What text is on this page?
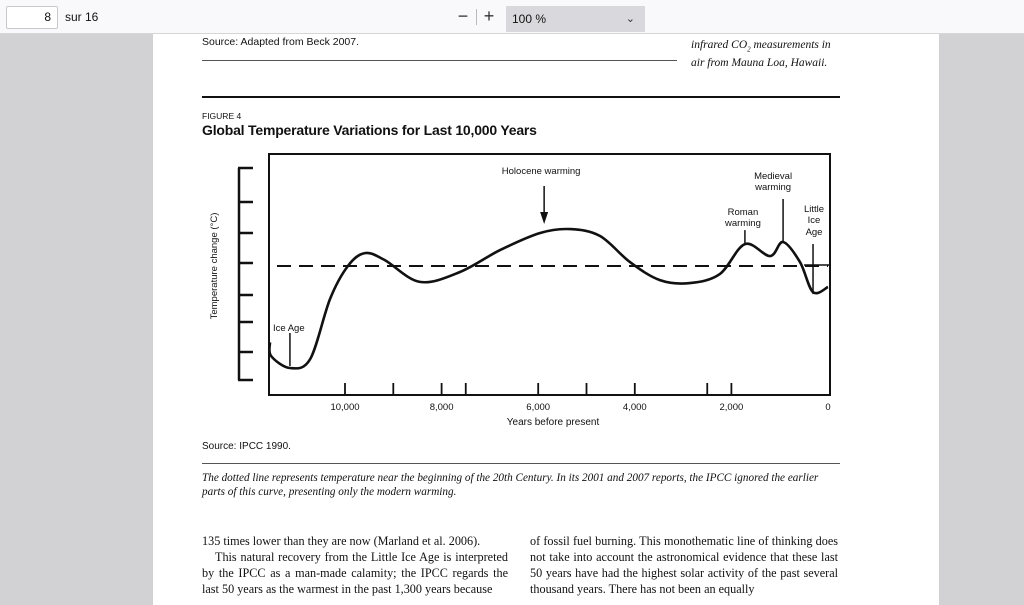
8	sur 16	− +	100 %	⌄
Source: Adapted from Beck 2007.	infrared $CO_2$ measurements in
air from Mauna Loa, Hawaii.
FIGURE 4
Global Temperature Variations for Last 10,000 Years
Temperature change (°C)
10,000	8,000	6,000	4,000	2,000	0
Years before present
Ice Age
Holocene warming
Roman
warming
Medieval
warming
Little
Ice
Age
Source: IPCC 1990.
The dotted line represents temperature near the beginning of the 20th Century. In its 2001 and 2007 reports, the IPCC ignored the earlier
parts of this curve, presenting only the modern warming.

135 times lower than they are now (Marland et al. 2006).

This natural recovery from the Little Ice Age is interpreted by the IPCC as a man-made calamity; the IPCC regards the last 50 years as the warmest in the past 1,300 years because

of fossil fuel burning. This monothematic line of thinking does not take into account the astronomical evidence that these last 50 years have had the highest solar activity of the past several thousand years. There has not been an equally
